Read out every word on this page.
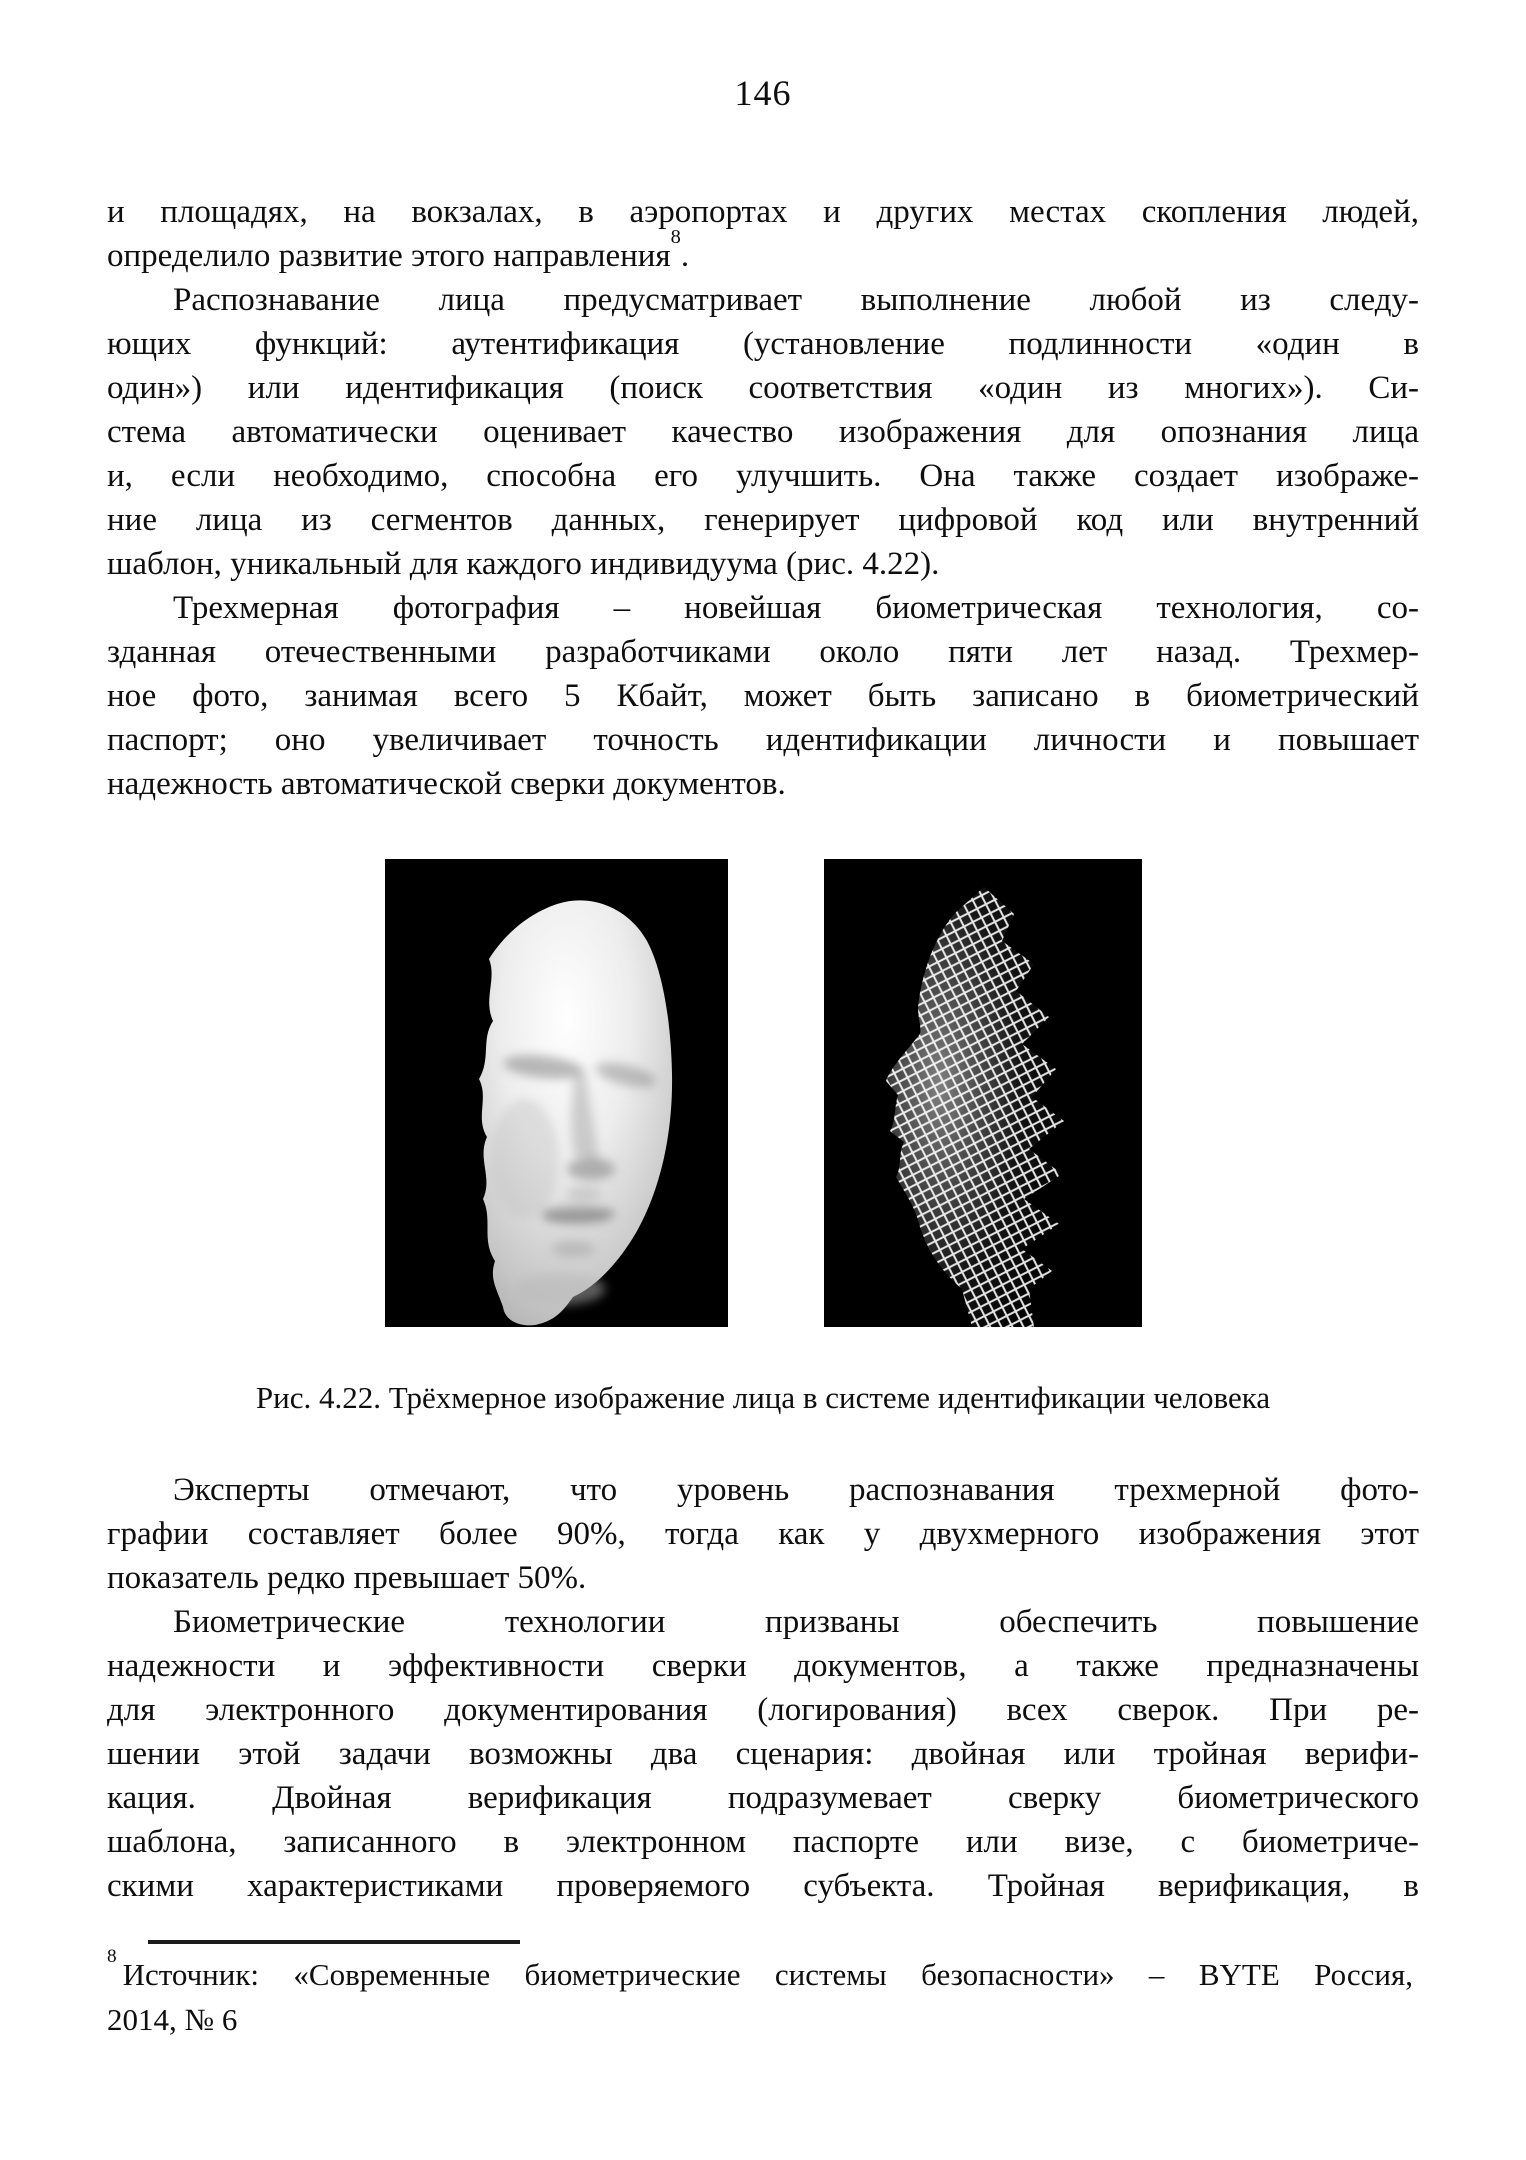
146
и площадях, на вокзалах, в аэропортах и других местах скопления людей,
определило развитие этого направления$^8$.
Распознавание лица предусматривает выполнение любой из следу-
ющих функций: аутентификация (установление подлинности «один в
один») или идентификация (поиск соответствия «один из многих»). Си-
стема автоматически оценивает качество изображения для опознания лица
и, если необходимо, способна его улучшить. Она также создает изображе-
ние лица из сегментов данных, генерирует цифровой код или внутренний
шаблон, уникальный для каждого индивидуума (рис. 4.22).
Трехмерная фотография – новейшая биометрическая технология, со-
зданная отечественными разработчиками около пяти лет назад. Трехмер-
ное фото, занимая всего 5 Кбайт, может быть записано в биометрический
паспорт; оно увеличивает точность идентификации личности и повышает
надежность автоматической сверки документов.
Рис. 4.22. Трёхмерное изображение лица в системе идентификации человека
Эксперты отмечают, что уровень распознавания трехмерной фото-
графии составляет более 90%, тогда как у двухмерного изображения этот
показатель редко превышает 50%.
Биометрические технологии призваны обеспечить повышение
надежности и эффективности сверки документов, а также предназначены
для электронного документирования (логирования) всех сверок. При ре-
шении этой задачи возможны два сценария: двойная или тройная верифи-
кация. Двойная верификация подразумевает сверку биометрического
шаблона, записанного в электронном паспорте или визе, с биометриче-
скими характеристиками проверяемого субъекта. Тройная верификация, в
$^8$Источник: «Современные биометрические системы безопасности» – BYTE Россия,
2014, № 6
